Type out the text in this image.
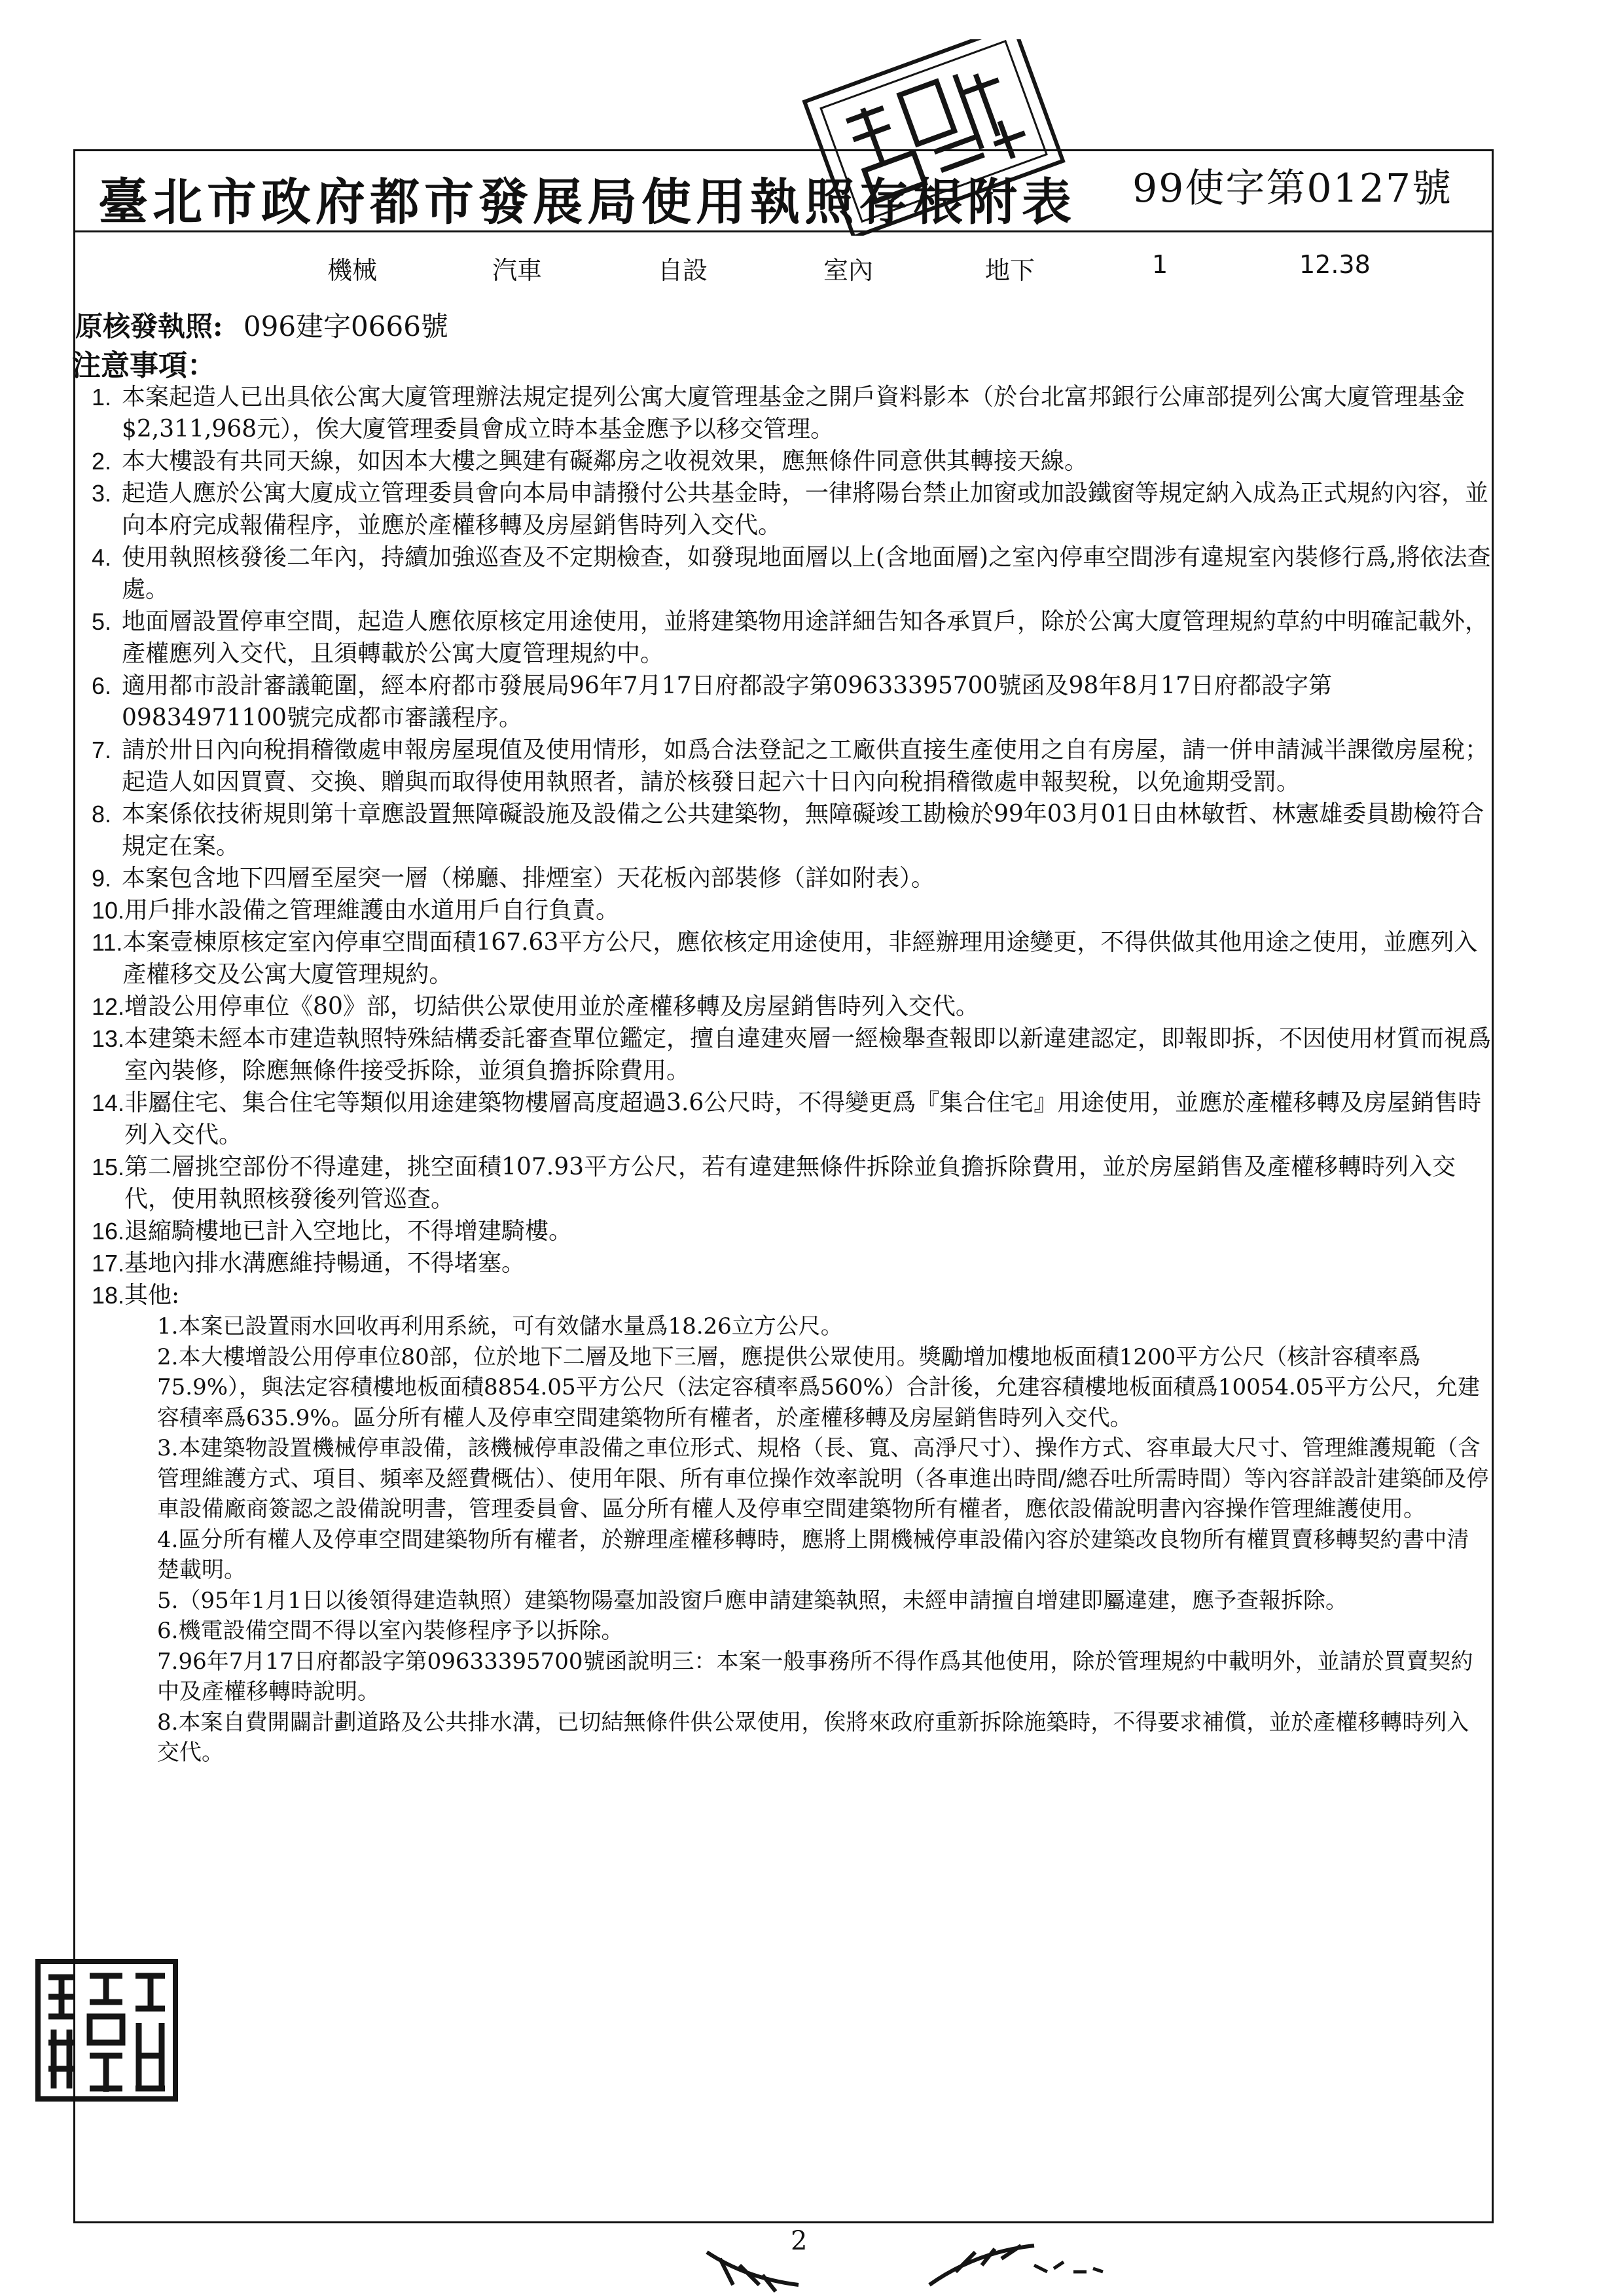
臺北市政府都市發展局使用執照存根附表 99使字第0127號
機械	汽車	自設	室內	地下	1	12.38
原核發執照: 096建字0666號
注意事項：
1. 本案起造人已出具依公寓大廈管理辦法規定提列公寓大廈管理基金之開戶資料影本（於台北富邦銀行公庫部提列公寓大廈管理基金$2,311,968元），俟大廈管理委員會成立時本基金應予以移交管理。
2. 本大樓設有共同天線，如因本大樓之興建有礙鄰房之收視效果，應無條件同意供其轉接天線。
3. 起造人應於公寓大廈成立管理委員會向本局申請撥付公共基金時，一律將陽台禁止加窗或加設鐵窗等規定納入成為正式規約內容，並向本府完成報備程序，並應於產權移轉及房屋銷售時列入交代。
4. 使用執照核發後二年內，持續加強巡查及不定期檢查，如發現地面層以上(含地面層)之室內停車空間涉有違規室內裝修行爲,將依法查處。
5. 地面層設置停車空間，起造人應依原核定用途使用，並將建築物用途詳細告知各承買戶，除於公寓大廈管理規約草約中明確記載外，產權應列入交代，且須轉載於公寓大廈管理規約中。
6. 適用都市設計審議範圍，經本府都市發展局96年7月17日府都設字第09633395700號函及98年8月17日府都設字第09834971100號完成都市審議程序。
7. 請於卅日內向稅捐稽徵處申報房屋現值及使用情形，如爲合法登記之工廠供直接生產使用之自有房屋，請一併申請減半課徵房屋稅；起造人如因買賣、交換、贈與而取得使用執照者，請於核發日起六十日內向稅捐稽徵處申報契稅，以免逾期受罰。
8. 本案係依技術規則第十章應設置無障礙設施及設備之公共建築物，無障礙竣工勘檢於99年03月01日由林敏哲、林憲雄委員勘檢符合規定在案。
9. 本案包含地下四層至屋突一層（梯廳、排煙室）天花板內部裝修（詳如附表）。
10. 用戶排水設備之管理維護由水道用戶自行負責。
11. 本案壹棟原核定室內停車空間面積167.63平方公尺，應依核定用途使用，非經辦理用途變更，不得供做其他用途之使用，並應列入產權移交及公寓大廈管理規約。
12. 增設公用停車位《80》部，切結供公眾使用並於產權移轉及房屋銷售時列入交代。
13. 本建築未經本市建造執照特殊結構委託審查單位鑑定，擅自違建夾層一經檢舉查報即以新違建認定，即報即拆，不因使用材質而視爲室內裝修，除應無條件接受拆除，並須負擔拆除費用。
14. 非屬住宅、集合住宅等類似用途建築物樓層高度超過3.6公尺時，不得變更爲『集合住宅』用途使用，並應於產權移轉及房屋銷售時列入交代。
15. 第二層挑空部份不得違建，挑空面積107.93平方公尺，若有違建無條件拆除並負擔拆除費用，並於房屋銷售及產權移轉時列入交代，使用執照核發後列管巡查。
16. 退縮騎樓地已計入空地比，不得增建騎樓。
17. 基地內排水溝應維持暢通，不得堵塞。
18. 其他:
1.本案已設置雨水回收再利用系統，可有效儲水量爲18.26立方公尺。
2.本大樓增設公用停車位80部，位於地下二層及地下三層，應提供公眾使用。獎勵增加樓地板面積1200平方公尺（核計容積率爲75.9%），與法定容積樓地板面積8854.05平方公尺（法定容積率爲560%）合計後，允建容積樓地板面積爲10054.05平方公尺，允建容積率爲635.9%。區分所有權人及停車空間建築物所有權者，於產權移轉及房屋銷售時列入交代。
3.本建築物設置機械停車設備，該機械停車設備之車位形式、規格（長、寬、高淨尺寸）、操作方式、容車最大尺寸、管理維護規範（含管理維護方式、項目、頻率及經費概估）、使用年限、所有車位操作效率說明（各車進出時間/總吞吐所需時間）等內容詳設計建築師及停車設備廠商簽認之設備說明書，管理委員會、區分所有權人及停車空間建築物所有權者，應依設備說明書內容操作管理維護使用。
4.區分所有權人及停車空間建築物所有權者，於辦理產權移轉時，應將上開機械停車設備內容於建築改良物所有權買賣移轉契約書中清楚載明。
5.（95年1月1日以後領得建造執照）建築物陽臺加設窗戶應申請建築執照，未經申請擅自增建即屬違建，應予查報拆除。
6.機電設備空間不得以室內裝修程序予以拆除。
7.96年7月17日府都設字第09633395700號函說明三：本案一般事務所不得作爲其他使用，除於管理規約中載明外，並請於買賣契約中及產權移轉時說明。
8.本案自費開闢計劃道路及公共排水溝，已切結無條件供公眾使用，俟將來政府重新拆除施築時，不得要求補償，並於產權移轉時列入交代。
2
